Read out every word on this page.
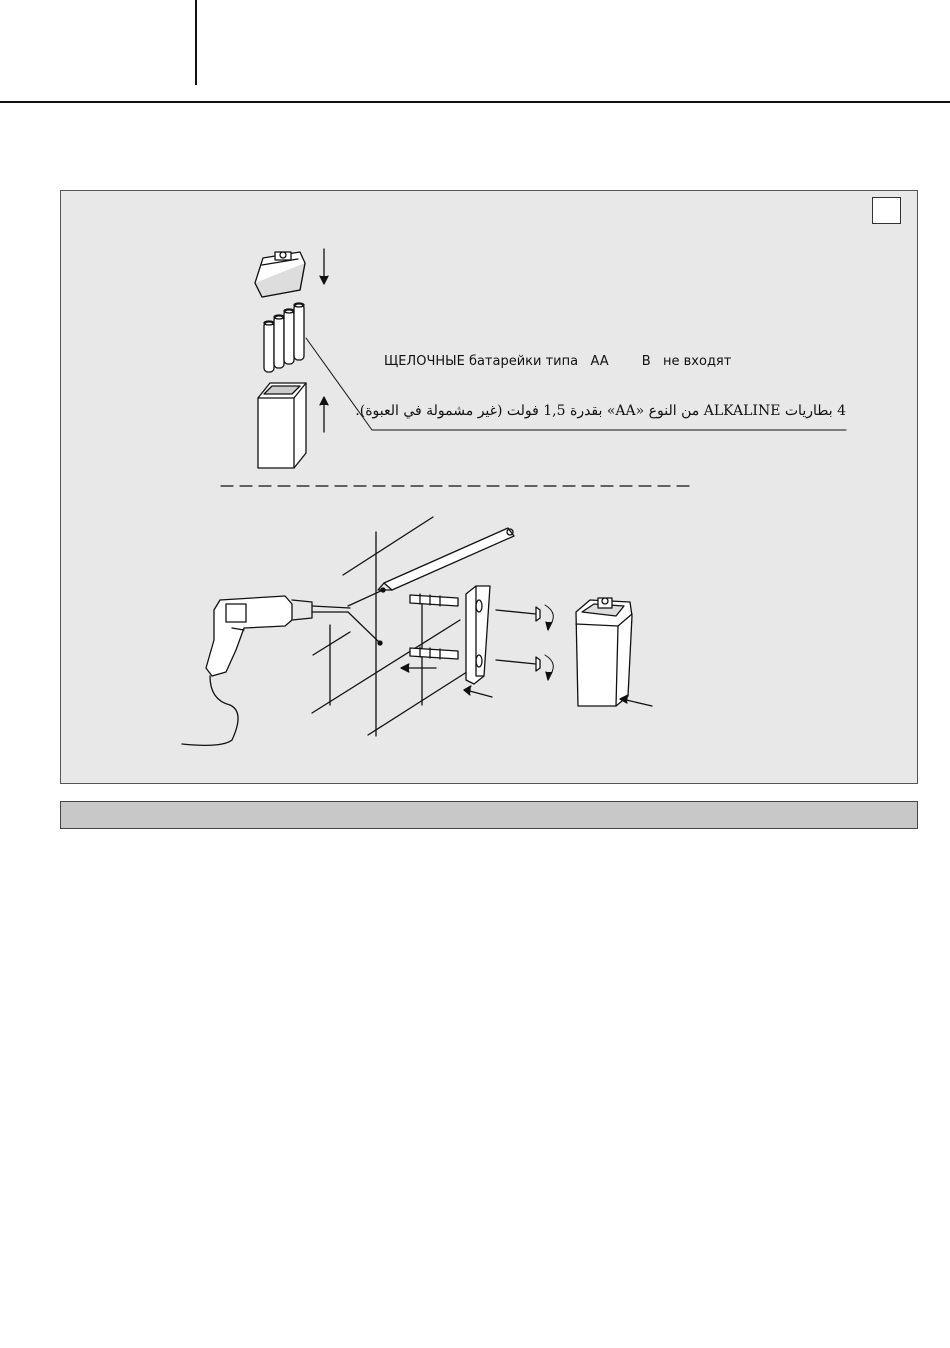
ЩЕЛОЧНЫЕ батарейки типа   AA        В   не входят
4 بطاريات ALKALINE من النوع «AA» بقدرة 1,5 فولت (غير مشمولة في العبوة).
